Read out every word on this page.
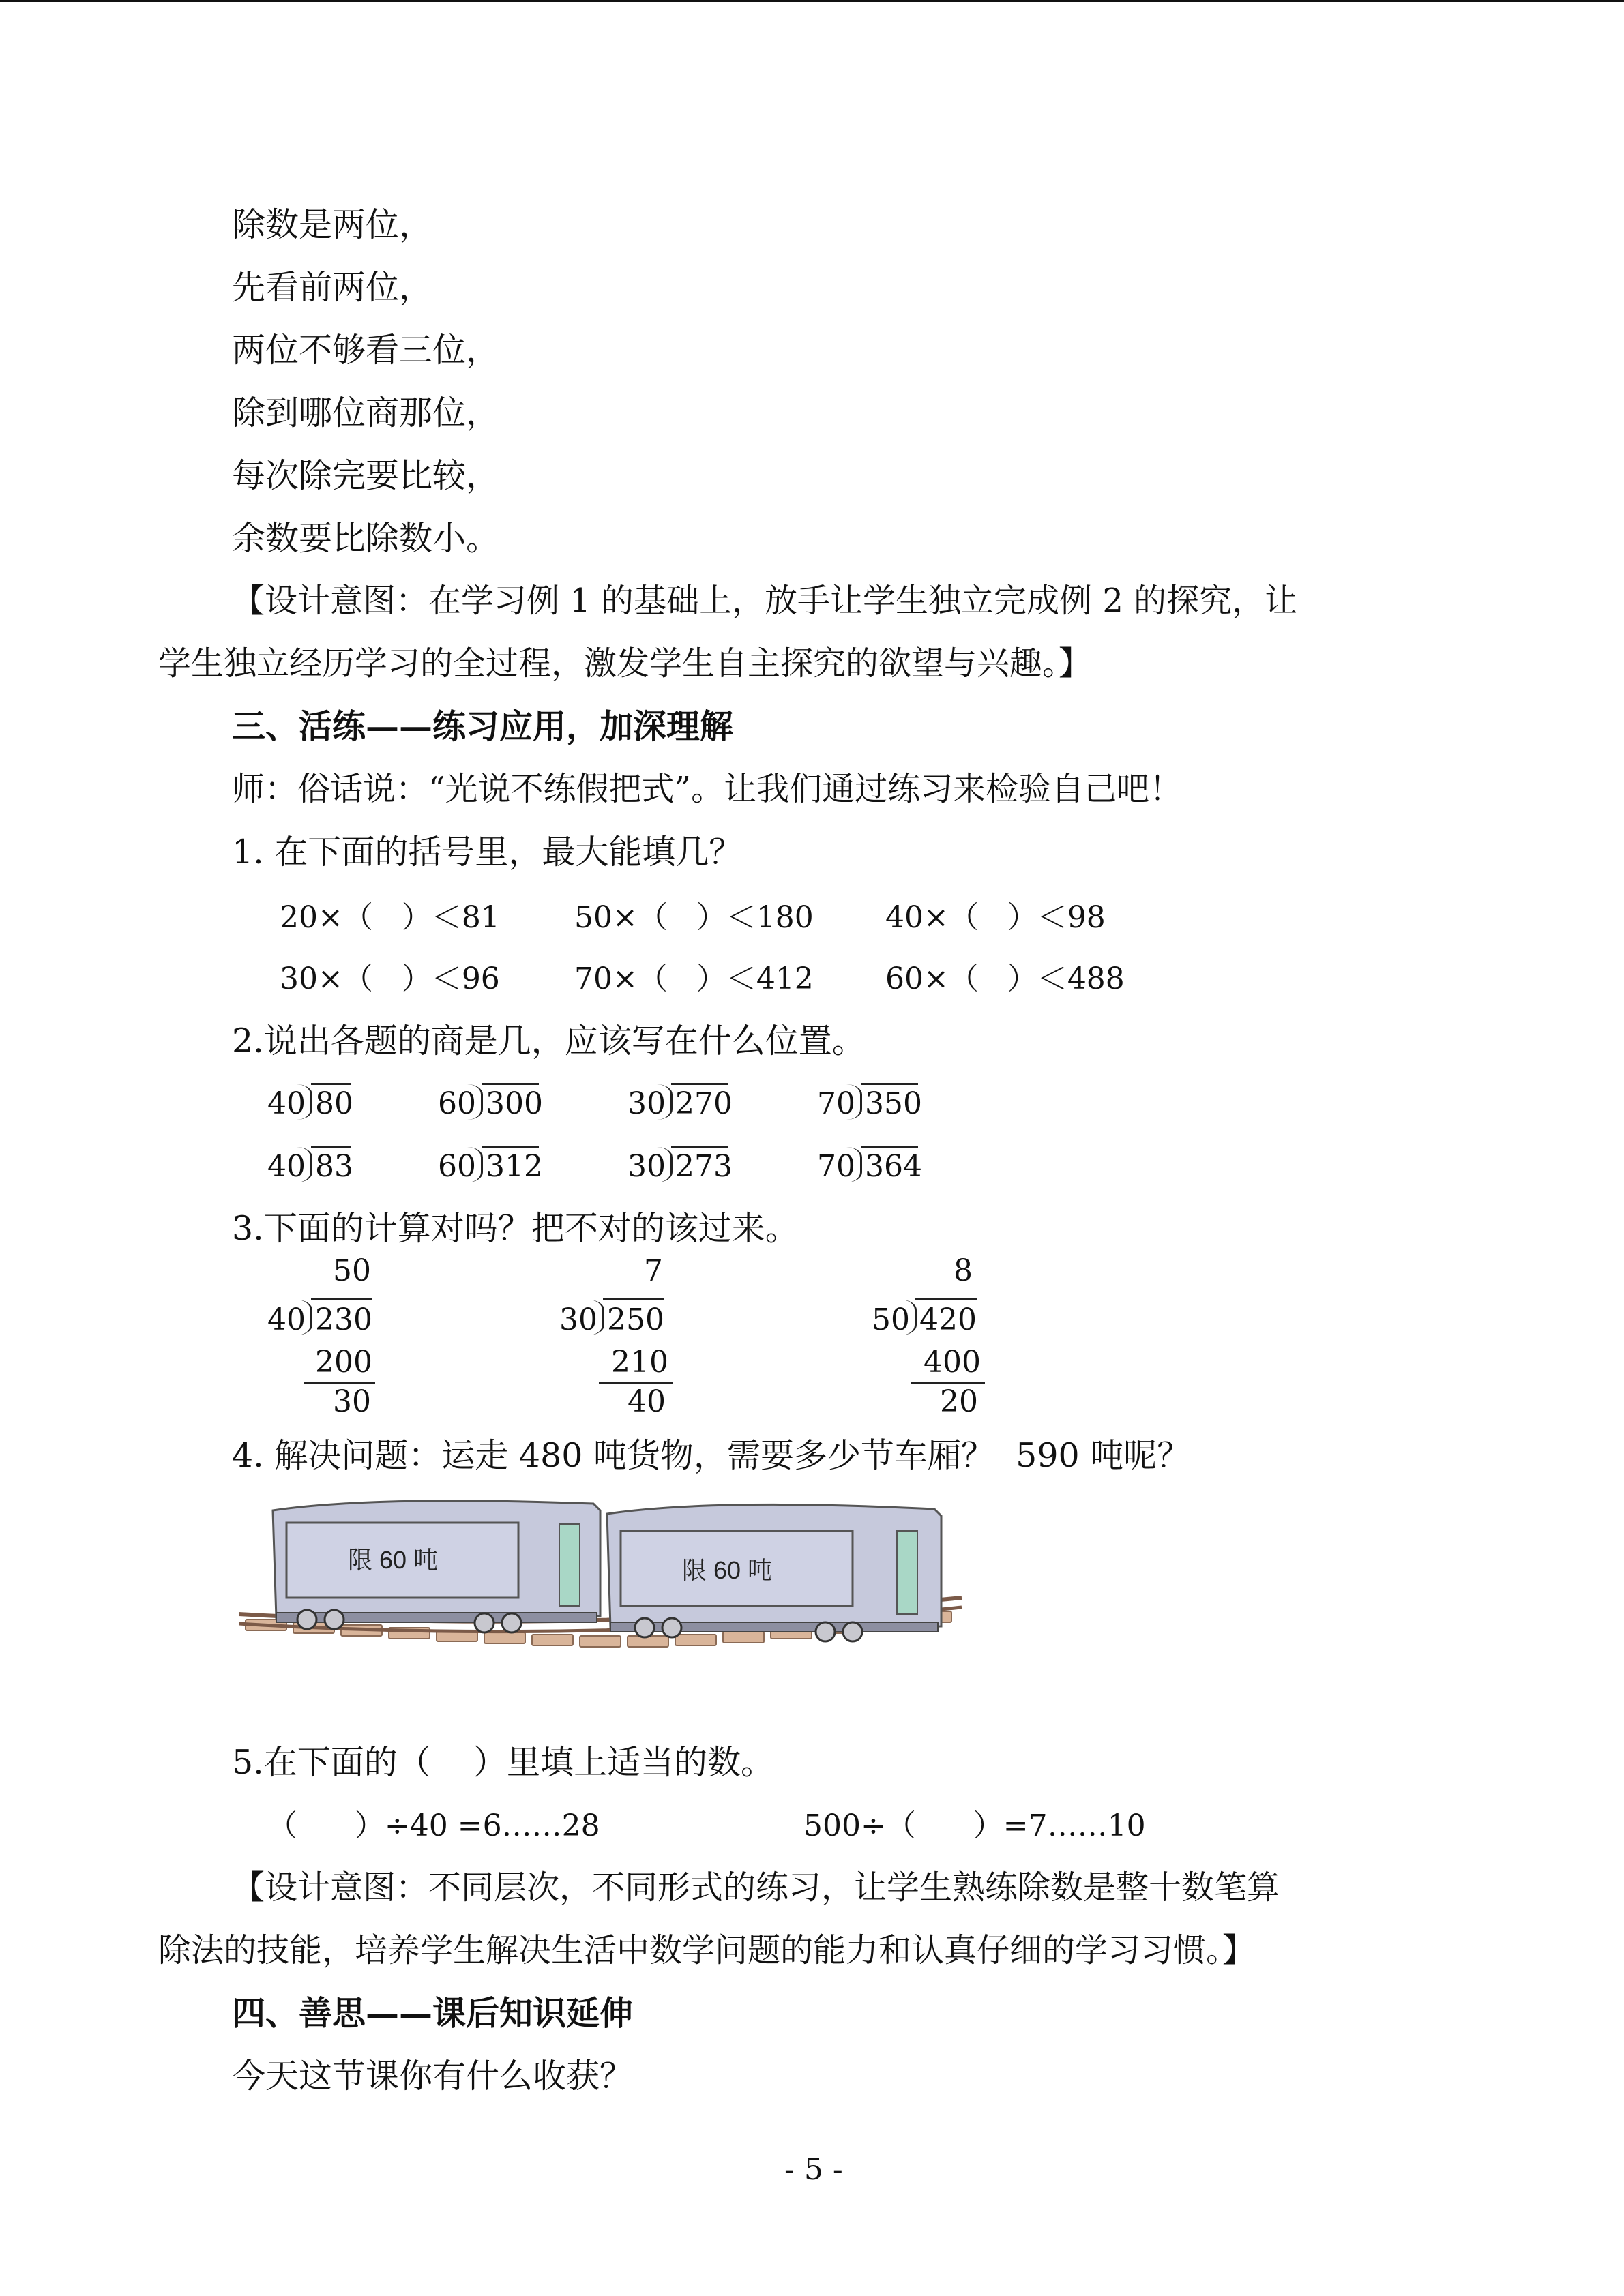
除数是两位，
先看前两位，
两位不够看三位，
除到哪位商那位，
每次除完要比较，
余数要比除数小。
【设计意图：在学习例 1 的基础上，放手让学生独立完成例 2 的探究，让
学生独立经历学习的全过程，激发学生自主探究的欲望与兴趣。】
三、活练——练习应用，加深理解
师：俗话说：“光说不练假把式”。让我们通过练习来检验自己吧！
1. 在下面的括号里，最大能填几？
20×（   ）＜81 50×（   ）＜180 40×（   ）＜98
30×（   ）＜96 70×（   ）＜412 60×（   ）＜488
2.说出各题的商是几，应该写在什么位置。
40 80	60 300	30 270	70 350
40 83	60 312	30 273	70 364
3.下面的计算对吗？把不对的该过来。
50
40 230
200
30
7
30 250
210
40
8
50 420
400
20
4. 解决问题：运走 480 吨货物，需要多少节车厢？  590 吨呢？
限 60 吨	限 60 吨
5.在下面的（    ）里填上适当的数。
（      ）÷40 =6……28	500÷（      ）=7……10
【设计意图：不同层次，不同形式的练习，让学生熟练除数是整十数笔算
除法的技能，培养学生解决生活中数学问题的能力和认真仔细的学习习惯。】
四、善思——课后知识延伸
今天这节课你有什么收获？
- 5 -
